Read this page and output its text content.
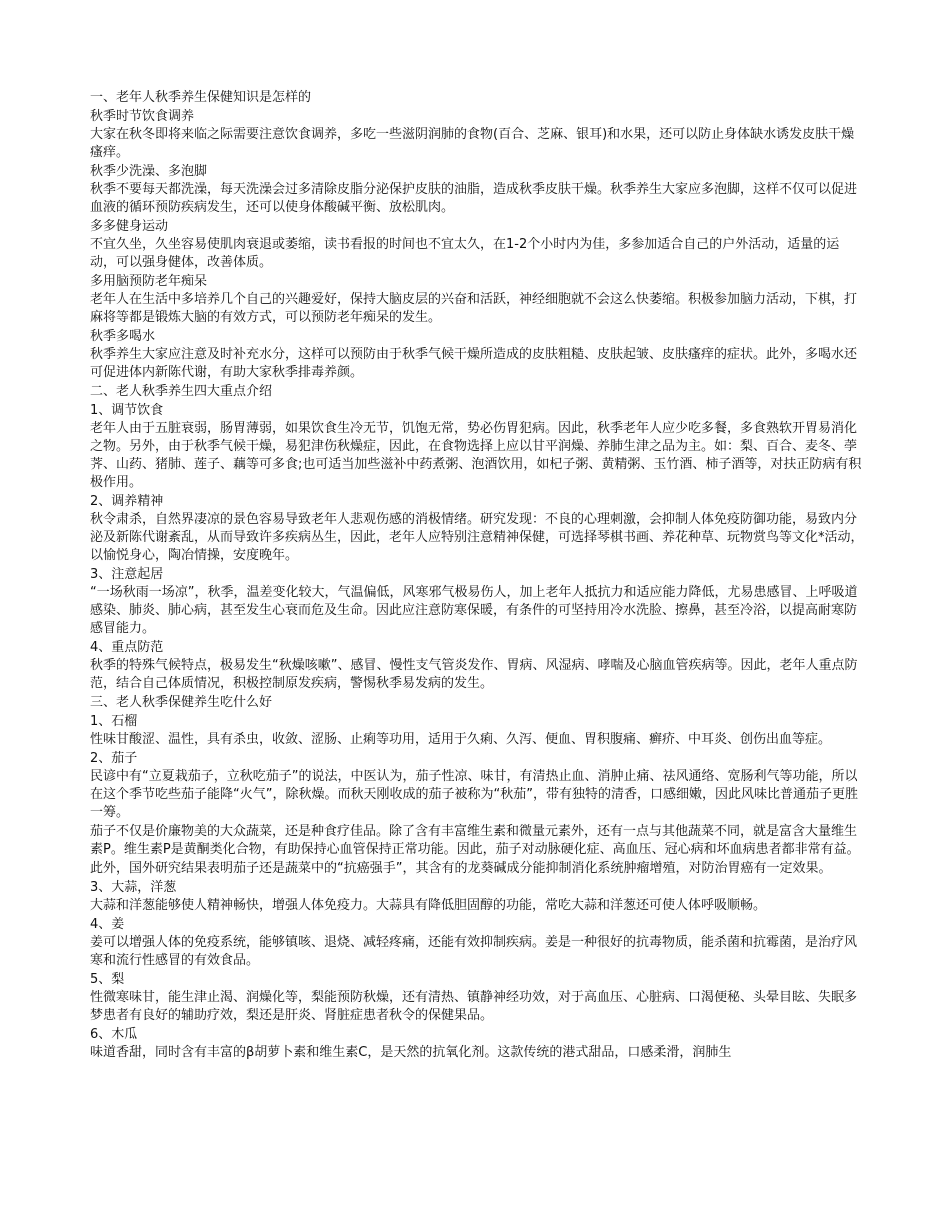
一、老年人秋季养生保健知识是怎样的

秋季时节饮食调养

大家在秋冬即将来临之际需要注意饮食调养，多吃一些滋阴润肺的食物(百合、芝麻、银耳)和水果，还可以防止身体缺水诱发皮肤干燥瘙痒。

秋季少洗澡、多泡脚

秋季不要每天都洗澡，每天洗澡会过多清除皮脂分泌保护皮肤的油脂，造成秋季皮肤干燥。秋季养生大家应多泡脚，这样不仅可以促进血液的循环预防疾病发生，还可以使身体酸碱平衡、放松肌肉。

多多健身运动

不宜久坐，久坐容易使肌肉衰退或萎缩，读书看报的时间也不宜太久，在1-2个小时内为佳，多参加适合自己的户外活动，适量的运动，可以强身健体，改善体质。

多用脑预防老年痴呆

老年人在生活中多培养几个自己的兴趣爱好，保持大脑皮层的兴奋和活跃，神经细胞就不会这么快萎缩。积极参加脑力活动，下棋，打麻将等都是锻炼大脑的有效方式，可以预防老年痴呆的发生。

秋季多喝水

秋季养生大家应注意及时补充水分，这样可以预防由于秋季气候干燥所造成的皮肤粗糙、皮肤起皱、皮肤瘙痒的症状。此外，多喝水还可促进体内新陈代谢，有助大家秋季排毒养颜。

二、老人秋季养生四大重点介绍

1、调节饮食

老年人由于五脏衰弱，肠胃薄弱，如果饮食生冷无节，饥饱无常，势必伤胃犯病。因此，秋季老年人应少吃多餐，多食熟软开胃易消化之物。另外，由于秋季气候干燥，易犯津伤秋燥症，因此，在食物选择上应以甘平润燥、养肺生津之品为主。如：梨、百合、麦冬、荸荠、山药、猪肺、莲子、藕等可多食;也可适当加些滋补中药煮粥、泡酒饮用，如杞子粥、黄精粥、玉竹酒、柿子酒等，对扶正防病有积极作用。

2、调养精神

秋令肃杀，自然界凄凉的景色容易导致老年人悲观伤感的消极情绪。研究发现：不良的心理刺激，会抑制人体免疫防御功能，易致内分泌及新陈代谢紊乱，从而导致许多疾病丛生，因此，老年人应特别注意精神保健，可选择琴棋书画、养花种草、玩物赏鸟等文化*活动，以愉悦身心，陶冶情操，安度晚年。

3、注意起居

“一场秋雨一场凉”，秋季，温差变化较大，气温偏低，风寒邪气极易伤人，加上老年人抵抗力和适应能力降低，尤易患感冒、上呼吸道感染、肺炎、肺心病，甚至发生心衰而危及生命。因此应注意防寒保暖，有条件的可坚持用冷水洗脸、擦鼻，甚至冷浴，以提高耐寒防感冒能力。

4、重点防范

秋季的特殊气候特点，极易发生“秋燥咳嗽”、感冒、慢性支气管炎发作、胃病、风湿病、哮喘及心脑血管疾病等。因此，老年人重点防范，结合自己体质情况，积极控制原发疾病，警惕秋季易发病的发生。

三、老人秋季保健养生吃什么好

1、石榴

性味甘酸涩、温性，具有杀虫，收敛、涩肠、止痢等功用，适用于久痢、久泻、便血、胃积腹痛、癣疥、中耳炎、创伤出血等症。

2、茄子

民谚中有“立夏栽茄子，立秋吃茄子”的说法，中医认为，茄子性凉、味甘，有清热止血、消肿止痛、祛风通络、宽肠利气等功能，所以在这个季节吃些茄子能降“火气”，除秋燥。而秋天刚收成的茄子被称为“秋茄”，带有独特的清香，口感细嫩，因此风味比普通茄子更胜一筹。

茄子不仅是价廉物美的大众蔬菜，还是种食疗佳品。除了含有丰富维生素和微量元素外，还有一点与其他蔬菜不同，就是富含大量维生素P。维生素P是黄酮类化合物，有助保持心血管保持正常功能。因此，茄子对动脉硬化症、高血压、冠心病和坏血病患者都非常有益。

此外，国外研究结果表明茄子还是蔬菜中的“抗癌强手”，其含有的龙葵碱成分能抑制消化系统肿瘤增殖，对防治胃癌有一定效果。

3、大蒜，洋葱

大蒜和洋葱能够使人精神畅快，增强人体免疫力。大蒜具有降低胆固醇的功能，常吃大蒜和洋葱还可使人体呼吸顺畅。

4、姜

姜可以增强人体的免疫系统，能够镇咳、退烧、减轻疼痛，还能有效抑制疾病。姜是一种很好的抗毒物质，能杀菌和抗霉菌，是治疗风寒和流行性感冒的有效食品。

5、梨

性微寒味甘，能生津止渴、润燥化等，梨能预防秋燥，还有清热、镇静神经功效，对于高血压、心脏病、口渴便秘、头晕目眩、失眠多梦患者有良好的辅助疗效，梨还是肝炎、肾脏症患者秋令的保健果品。

6、木瓜

味道香甜，同时含有丰富的β胡萝卜素和维生素C，是天然的抗氧化剂。这款传统的港式甜品，口感柔滑，润肺生
